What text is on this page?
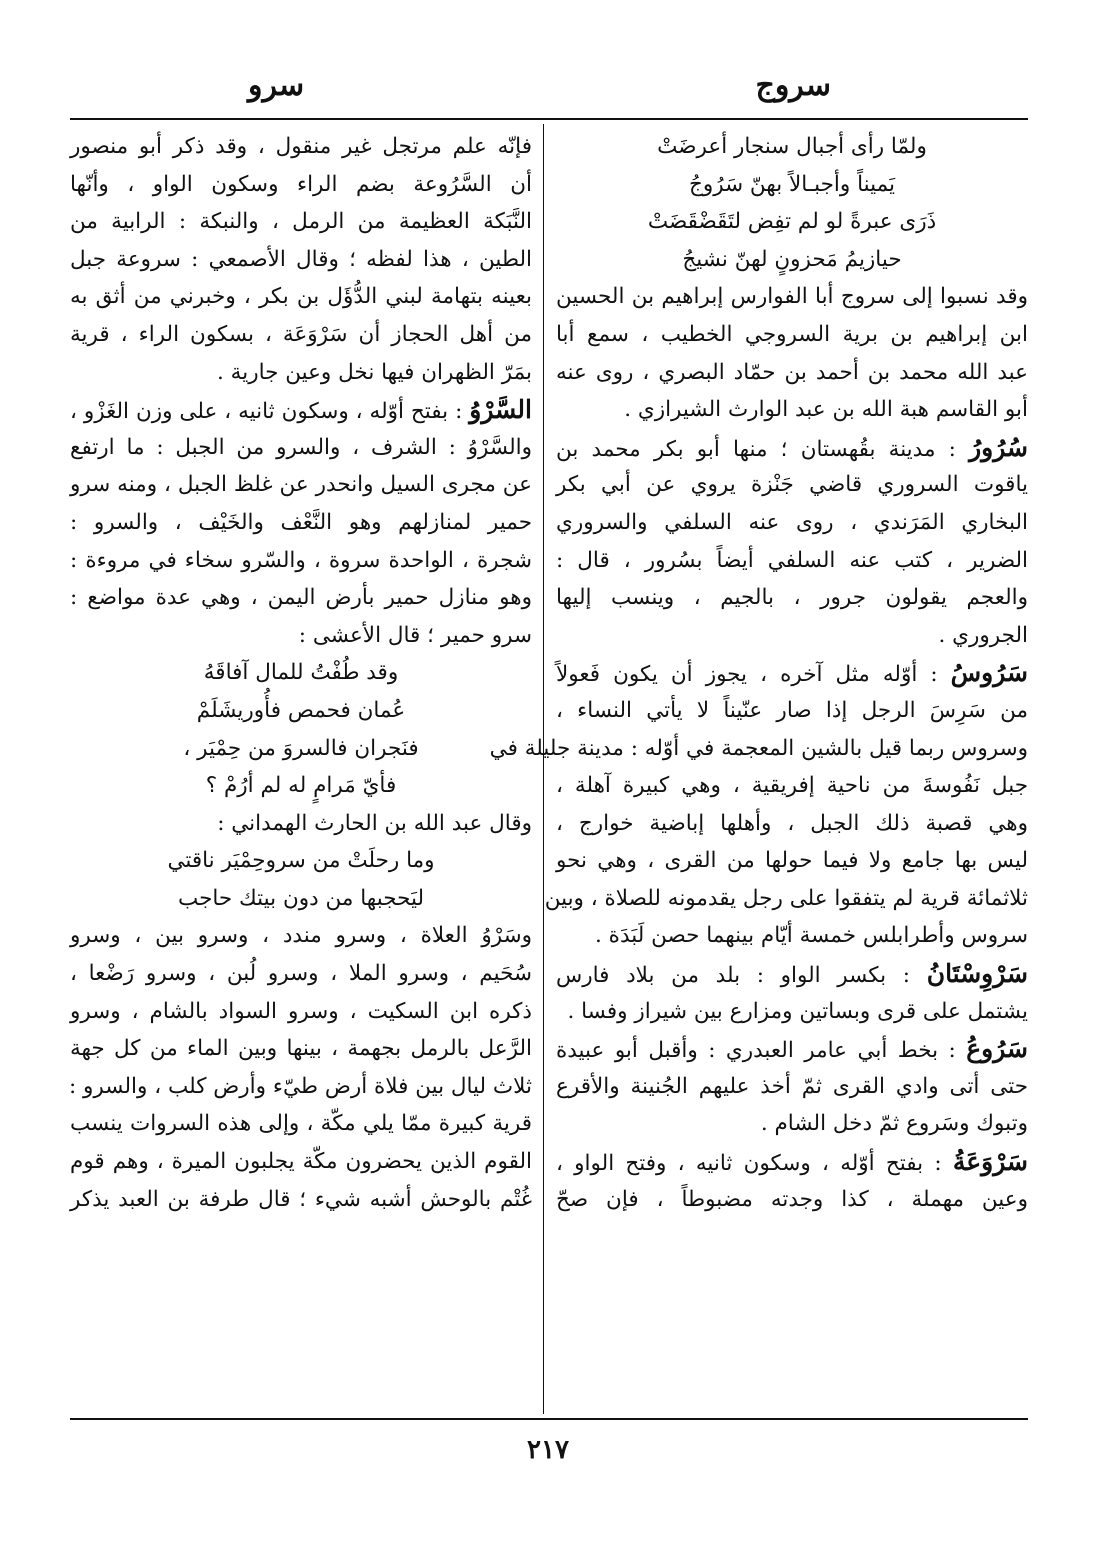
سروج
سرو
ولمّا رأى أجبال سنجار أعرضَتْ
يَميناً وأجبـالاً بهنّ سَرُوجُ
ذَرَى عبرةً لو لم تفِض لتَقَضْقَضَتْ
حيازيمُ مَحزونٍ لهنّ نشيجُ
وقد نسبوا إلى سروج أبا الفوارس إبراهيم بن الحسين
ابن إبراهيم بن برية السروجي الخطيب ، سمع أبا
عبد الله محمد بن أحمد بن حمّاد البصري ، روى عنه
أبو القاسم هبة الله بن عبد الوارث الشيرازي .
سُرُورُ : مدينة بقُهستان ؛ منها أبو بكر محمد بن
ياقوت السروري قاضي جَنْزة يروي عن أبي بكر
البخاري المَرَندي ، روى عنه السلفي والسروري
الضرير ، كتب عنه السلفي أيضاً بسُرور ، قال :
والعجم يقولون جرور ، بالجيم ، وينسب إليها
الجروري .
سَرُوسُ : أوّله مثل آخره ، يجوز أن يكون فَعولاً
من سَرِسَ الرجل إذا صار عنّيناً لا يأتي النساء ،
وسروس ربما قيل بالشين المعجمة في أوّله : مدينة جليلة في
جبل نَفُوسةَ من ناحية إفريقية ، وهي كبيرة آهلة ،
وهي قصبة ذلك الجبل ، وأهلها إباضية خوارج ،
ليس بها جامع ولا فيما حولها من القرى ، وهي نحو
ثلاثمائة قرية لم يتفقوا على رجل يقدمونه للصلاة ، وبين
سروس وأطرابلس خمسة أيّام بينهما حصن لَبَدَة .
سَرْوِسْتَانُ : بكسر الواو : بلد من بلاد فارس
يشتمل على قرى وبساتين ومزارع بين شيراز وفسا .
سَرُوعُ : بخط أبي عامر العبدري : وأقبل أبو عبيدة
حتى أتى وادي القرى ثمّ أخذ عليهم الجُنينة والأقرع
وتبوك وسَروع ثمّ دخل الشام .
سَرْوَعَةُ : بفتح أوّله ، وسكون ثانيه ، وفتح الواو ،
وعين مهملة ، كذا وجدته مضبوطاً ، فإن صحّ
فإنّه علم مرتجل غير منقول ، وقد ذكر أبو منصور
أن السَّرُوعة بضم الراء وسكون الواو ، وأنّها
النَّبَكة العظيمة من الرمل ، والنبكة : الرابية من
الطين ، هذا لفظه ؛ وقال الأصمعي : سروعة جبل
بعينه بتهامة لبني الدُّؤَل بن بكر ، وخبرني من أثق به
من أهل الحجاز أن سَرْوَعَة ، بسكون الراء ، قرية
بمَرّ الظهران فيها نخل وعين جارية .
السَّرْوُ : بفتح أوّله ، وسكون ثانيه ، على وزن الغَزْو ،
والسَّرْوُ : الشرف ، والسرو من الجبل : ما ارتفع
عن مجرى السيل وانحدر عن غلظ الجبل ، ومنه سرو
حمير لمنازلهم وهو النَّعْف والخَيْف ، والسرو :
شجرة ، الواحدة سروة ، والسّرو سخاء في مروءة :
وهو منازل حمير بأرض اليمن ، وهي عدة مواضع :
سرو حمير ؛ قال الأعشى :
وقد طُفْتُ للمال آفاقَهُ
عُمان فحمص فأُوريشَلَمْ
فنَجران فالسروَ من حِمْيَر ،
فأيّ مَرامٍ له لم أرُمْ ؟
وقال عبد الله بن الحارث الهمداني :
وما رحلَتْ من سروحِمْيَر ناقتي
ليَحجبها من دون بيتك حاجب
وسَرْوُ العلاة ، وسرو مندد ، وسرو بين ، وسرو
سُحَيم ، وسرو الملا ، وسرو لُبن ، وسرو رَضْعا ،
ذكره ابن السكيت ، وسرو السواد بالشام ، وسرو
الرَّعل بالرمل بجهمة ، بينها وبين الماء من كل جهة
ثلاث ليال بين فلاة أرض طيّء وأرض كلب ، والسرو :
قرية كبيرة ممّا يلي مكّة ، وإلى هذه السروات ينسب
القوم الذين يحضرون مكّة يجلبون الميرة ، وهم قوم
غُتْم بالوحش أشبه شيء ؛ قال طرفة بن العبد يذكر
٢١٧
